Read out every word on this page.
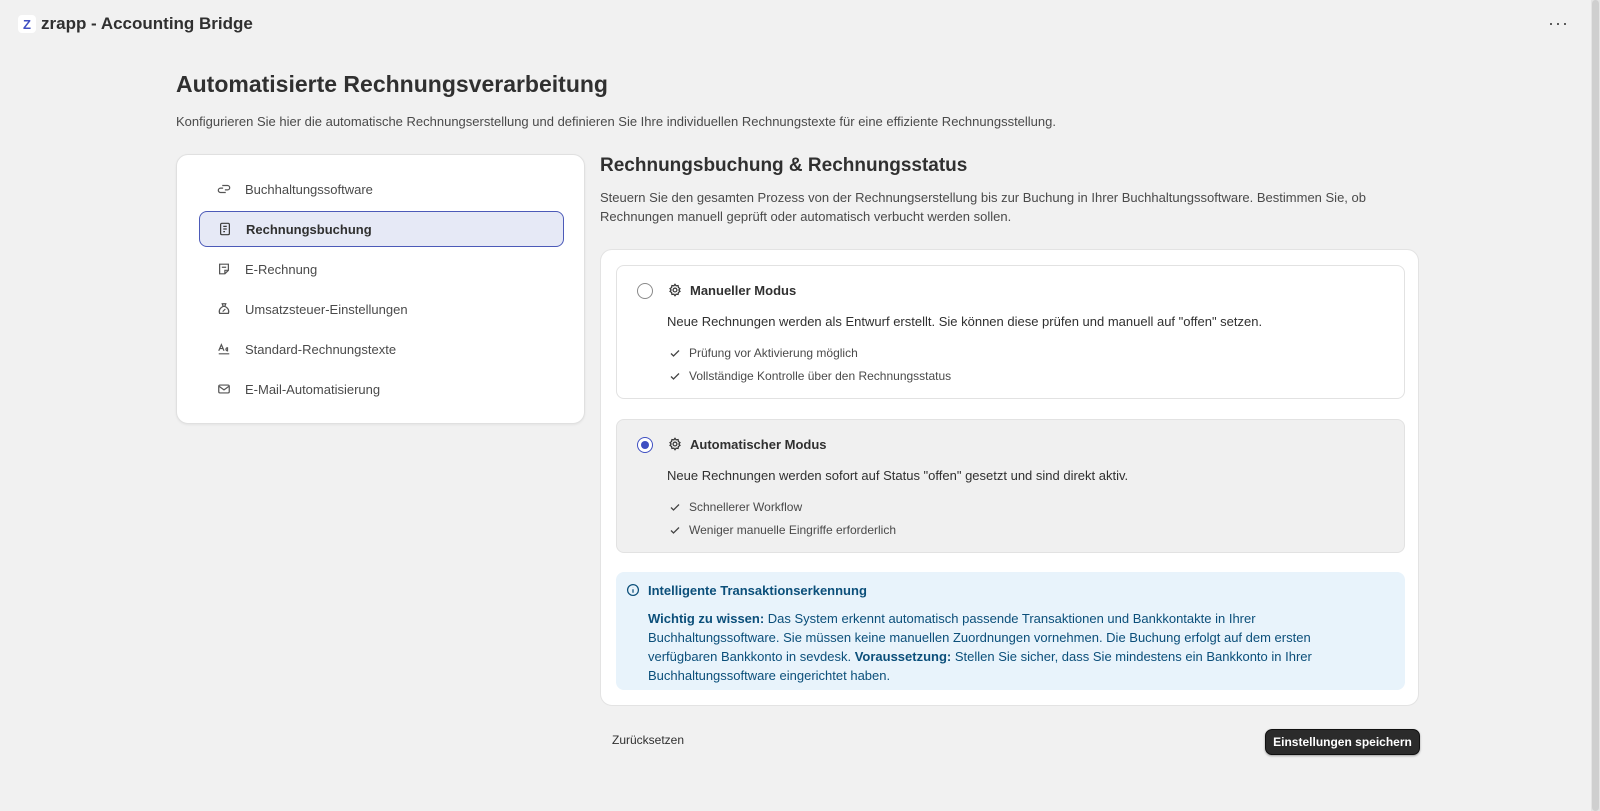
Z zrapp - Accounting Bridge	···
Automatisierte Rechnungsverarbeitung

Konfigurieren Sie hier die automatische Rechnungserstellung und definieren Sie Ihre individuellen Rechnungstexte für eine effiziente Rechnungsstellung.

Buchhaltungssoftware
Rechnungsbuchung
E-Rechnung
Umsatzsteuer-Einstellungen
Standard-Rechnungstexte
E-Mail-Automatisierung
Rechnungsbuchung & Rechnungsstatus

Steuern Sie den gesamten Prozess von der Rechnungserstellung bis zur Buchung in Ihrer Buchhaltungssoftware. Bestimmen Sie, ob Rechnungen manuell geprüft oder automatisch verbucht werden sollen.

Manueller Modus
Neue Rechnungen werden als Entwurf erstellt. Sie können diese prüfen und manuell auf "offen" setzen.
Prüfung vor Aktivierung möglich
Vollständige Kontrolle über den Rechnungsstatus
Automatischer Modus
Neue Rechnungen werden sofort auf Status "offen" gesetzt und sind direkt aktiv.
Schnellerer Workflow
Weniger manuelle Eingriffe erforderlich
Intelligente Transaktionserkennung

Wichtig zu wissen: Das System erkennt automatisch passende Transaktionen und Bankkontakte in Ihrer Buchhaltungssoftware. Sie müssen keine manuellen Zuordnungen vornehmen. Die Buchung erfolgt auf dem ersten verfügbaren Bankkonto in sevdesk. Voraussetzung: Stellen Sie sicher, dass Sie mindestens ein Bankkonto in Ihrer Buchhaltungssoftware eingerichtet haben.

Zurücksetzen	Einstellungen speichern
